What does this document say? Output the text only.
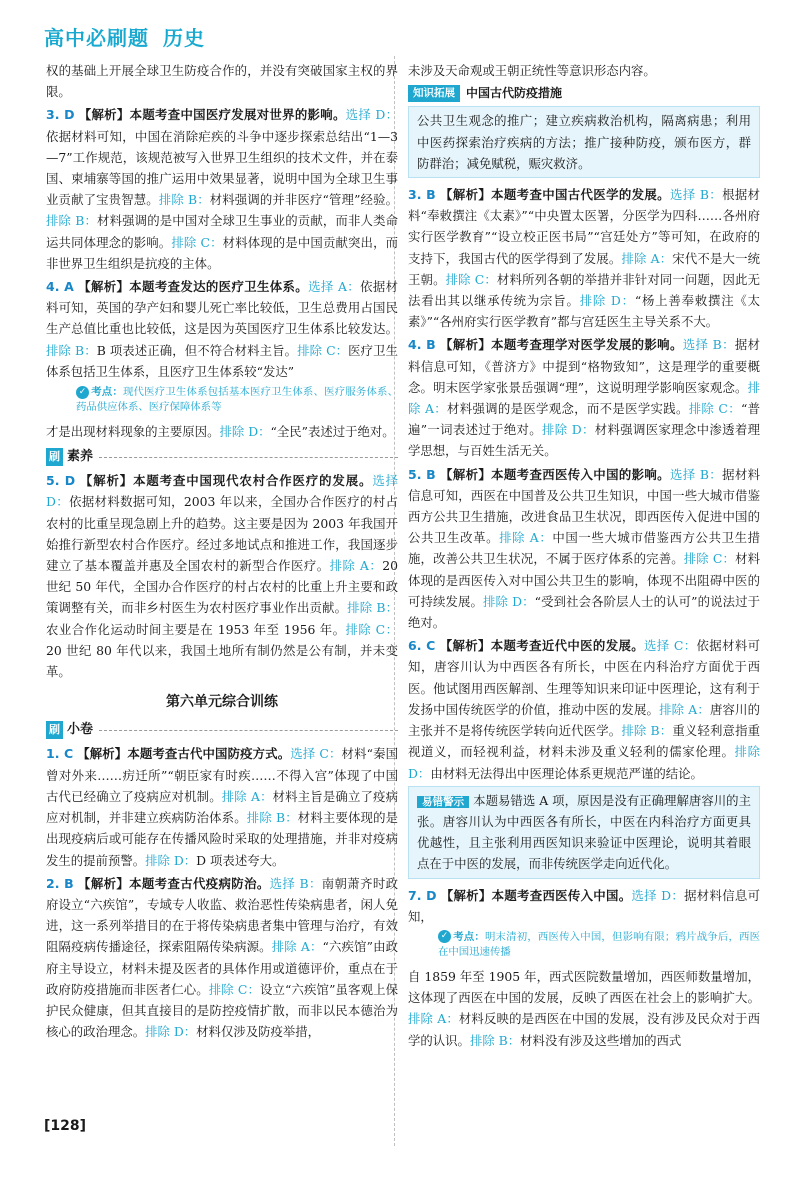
高中必刷题 历史

权的基础上开展全球卫生防疫合作的，并没有突破国家主权的界限。

3. D 【解析】本题考查中国医疗发展对世界的影响。选择 D：依据材料可知，中国在消除疟疾的斗争中逐步探索总结出“1—3—7”工作规范，该规范被写入世界卫生组织的技术文件，并在泰国、柬埔寨等国的推广运用中效果显著，说明中国为全球卫生事业贡献了宝贵智慧。排除 B：材料强调的并非医疗“管理”经验。排除 B：材料强调的是中国对全球卫生事业的贡献，而非人类命运共同体理念的影响。排除 C：材料体现的是中国贡献突出，而非世界卫生组织是抗疫的主体。

4. A 【解析】本题考查发达的医疗卫生体系。选择 A：依据材料可知，英国的孕产妇和婴儿死亡率比较低，卫生总费用占国民生产总值比重也比较低，这是因为英国医疗卫生体系比较发达。排除 B：B 项表述正确，但不符合材料主旨。排除 C：医疗卫生体系包括卫生体系，且医疗卫生体系较“发达”

✓ 考点：现代医疗卫生体系包括基本医疗卫生体系、医疗服务体系、药品供应体系、医疗保障体系等

才是出现材料现象的主要原因。排除 D：“全民”表述过于绝对。

刷 素养

5. D 【解析】本题考查中国现代农村合作医疗的发展。选择 D：依据材料数据可知，2003 年以来，全国办合作医疗的村占农村的比重呈现急剧上升的趋势。这主要是因为 2003 年我国开始推行新型农村合作医疗。经过多地试点和推进工作，我国逐步建立了基本覆盖并惠及全国农村的新型合作医疗。排除 A：20 世纪 50 年代，全国办合作医疗的村占农村的比重上升主要和政策调整有关，而非乡村医生为农村医疗事业作出贡献。排除 B：农业合作化运动时间主要是在 1953 年至 1956 年。排除 C：20 世纪 80 年代以来，我国土地所有制仍然是公有制，并未变革。

第六单元综合训练
刷 小卷

1. C 【解析】本题考查古代中国防疫方式。选择 C：材料“秦国曾对外来……疠迁所”“朝臣家有时疾……不得入宫”体现了中国古代已经确立了疫病应对机制。排除 A：材料主旨是确立了疫病应对机制，并非建立疾病防治体系。排除 B：材料主要体现的是出现疫病后或可能存在传播风险时采取的处理措施，并非对疫病发生的提前预警。排除 D：D 项表述夸大。

2. B 【解析】本题考查古代疫病防治。选择 B：南朝萧齐时政府设立“六疾馆”，专域专人收监、救治恶性传染病患者，闲人免进，这一系列举措目的在于将传染病患者集中管理与治疗，有效阻隔疫病传播途径，探索阻隔传染病源。排除 A：“六疾馆”由政府主导设立，材料未提及医者的具体作用或道德评价，重点在于政府防疫措施而非医者仁心。排除 C：设立“六疾馆”虽客观上保护民众健康，但其直接目的是防控疫情扩散，而非以民本德治为核心的政治理念。排除 D：材料仅涉及防疫举措，

未涉及天命观或王朝正统性等意识形态内容。

知识拓展 中国古代防疫措施
公共卫生观念的推广；建立疾病救治机构，隔离病患；利用中医药探索治疗疾病的方法；推广接种防疫，颁布医方，群防群治；减免赋税，赈灾救济。

3. B 【解析】本题考查中国古代医学的发展。选择 B：根据材料“奉敕撰注《太素》”“中央置太医署，分医学为四科……各州府实行医学教育”“设立校正医书局”“宫廷处方”等可知，在政府的支持下，我国古代的医学得到了发展。排除 A：宋代不是大一统王朝。排除 C：材料所列各朝的举措并非针对同一问题，因此无法看出其以继承传统为宗旨。排除 D：“杨上善奉敕撰注《太素》”“各州府实行医学教育”都与宫廷医生主导关系不大。

4. B 【解析】本题考查理学对医学发展的影响。选择 B：据材料信息可知，《普济方》中提到“格物致知”，这是理学的重要概念。明末医学家张景岳强调“理”，这说明理学影响医家观念。排除 A：材料强调的是医学观念，而不是医学实践。排除 C：“普遍”一词表述过于绝对。排除 D：材料强调医家理念中渗透着理学思想，与百姓生活无关。

5. B 【解析】本题考查西医传入中国的影响。选择 B：据材料信息可知，西医在中国普及公共卫生知识，中国一些大城市借鉴西方公共卫生措施，改进食品卫生状况，即西医传入促进中国的公共卫生改革。排除 A：中国一些大城市借鉴西方公共卫生措施，改善公共卫生状况，不属于医疗体系的完善。排除 C：材料体现的是西医传入对中国公共卫生的影响，体现不出阻碍中医的可持续发展。排除 D：“受到社会各阶层人士的认可”的说法过于绝对。

6. C 【解析】本题考查近代中医的发展。选择 C：依据材料可知，唐容川认为中西医各有所长，中医在内科治疗方面优于西医。他试图用西医解剖、生理等知识来印证中医理论，这有利于发扬中国传统医学的价值，推动中医的发展。排除 A：唐容川的主张并不是将传统医学转向近代医学。排除 B：重义轻利意指重视道义，而轻视利益，材料未涉及重义轻利的儒家伦理。排除 D：由材料无法得出中医理论体系更规范严谨的结论。

易错警示 本题易错选 A 项，原因是没有正确理解唐容川的主张。唐容川认为中西医各有所长，中医在内科治疗方面更具优越性，且主张利用西医知识来验证中医理论，说明其着眼点在于中医的发展，而非传统医学走向近代化。

7. D 【解析】本题考查西医传入中国。选择 D：据材料信息可知，

✓ 考点：明末清初，西医传入中国，但影响有限；鸦片战争后，西医在中国迅速传播

自 1859 年至 1905 年，西式医院数量增加，西医师数量增加，这体现了西医在中国的发展，反映了西医在社会上的影响扩大。排除 A：材料反映的是西医在中国的发展，没有涉及民众对于西学的认识。排除 B：材料没有涉及这些增加的西式

[128]
